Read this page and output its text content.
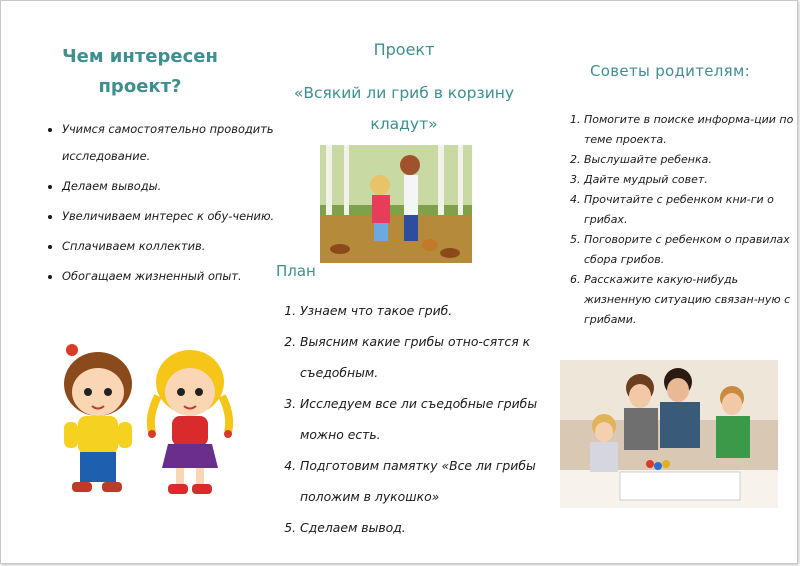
Чем интересен проект?
• Учимся самостоятельно проводить исследование.
• Делаем выводы.
• Увеличиваем интерес к обу-чению.
• Сплачиваем коллектив.
• Обогащаем жизненный опыт.
Проект
«Всякий ли гриб в корзину кладут»
План
1. Узнаем что такое гриб.
2. Выясним какие грибы отно-сятся к съедобным.
3. Исследуем все ли съедобные грибы можно есть.
4. Подготовим памятку «Все ли грибы положим в лукошко»
5. Сделаем вывод.
Советы родителям:
1. Помогите в поиске информа-ции по теме проекта.
2. Выслушайте ребенка.
3. Дайте мудрый совет.
4. Прочитайте с ребенком кни-ги о грибах.
5. Поговорите с ребенком о правилах сбора грибов.
6. Расскажите какую-нибудь жизненную ситуацию связан-ную с грибами.
